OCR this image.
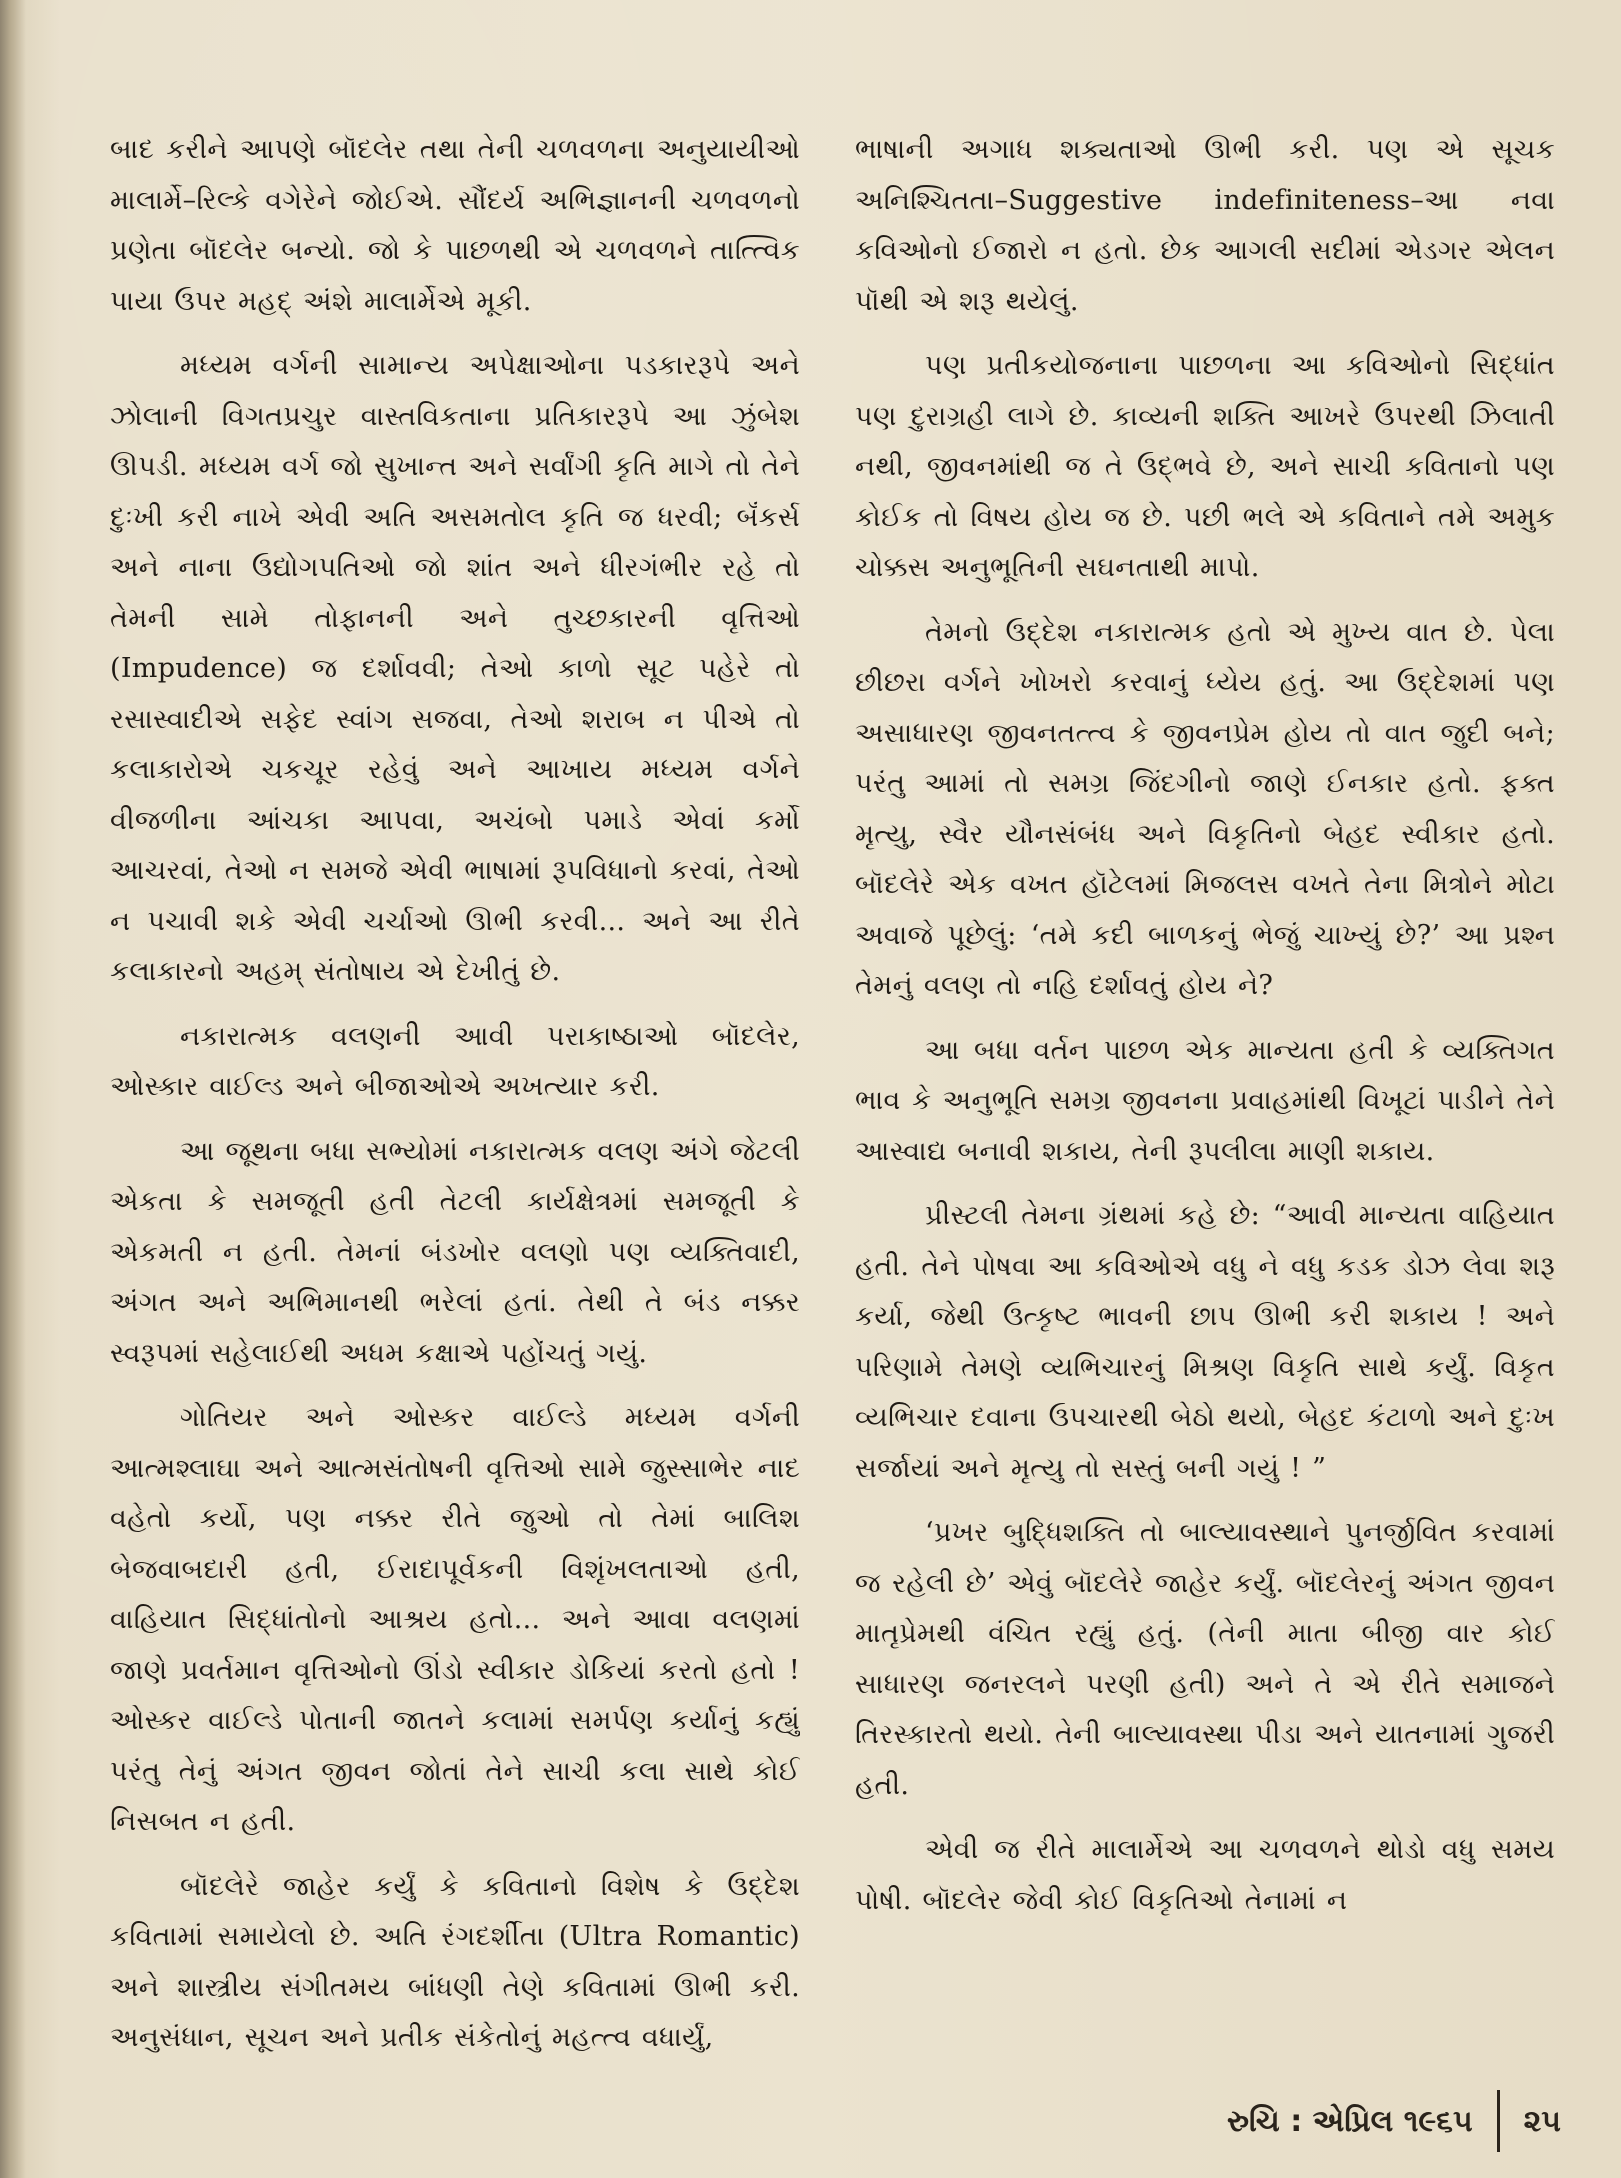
બાદ કરીને આપણે બૉદલેર તથા તેની ચળવળના અનુયાયીઓ માલાર્મે–રિલ્કે વગેરેને જોઈએ. સૌંદર્ય અભિજ્ઞાનની ચળવળનો પ્રણેતા બૉદલેર બન્યો. જો કે પાછળથી એ ચળવળને તાત્ત્વિક પાયા ઉપર મહદ્ અંશે માલાર્મેએ મૂકી.

મધ્યમ વર્ગની સામાન્ય અપેક્ષાઓના પડકારરૂપે અને ઝોલાની વિગતપ્રચુર વાસ્તવિકતાના પ્રતિકારરૂપે આ ઝુંબેશ ઊપડી. મધ્યમ વર્ગ જો સુખાન્ત અને સર્વાંગી કૃતિ માગે તો તેને દુઃખી કરી નાખે એવી અતિ અસમતોલ કૃતિ જ ધરવી; બૅંકર્સ અને નાના ઉદ્યોગપતિઓ જો શાંત અને ધીરગંભીર રહે તો તેમની સામે તોફાનની અને તુચ્છકારની વૃત્તિઓ (Impudence) જ દર્શાવવી; તેઓ કાળો સૂટ પહેરે તો રસાસ્વાદીએ સફેદ સ્વાંગ સજવા, તેઓ શરાબ ન પીએ તો કલાકારોએ ચકચૂર રહેવું અને આખાય મધ્યમ વર્ગને વીજળીના આંચકા આપવા, અચંબો પમાડે એવાં કર્મો આચરવાં, તેઓ ન સમજે એવી ભાષામાં રૂપવિધાનો કરવાં, તેઓ ન પચાવી શકે એવી ચર્ચાઓ ઊભી કરવી... અને આ રીતે કલાકારનો અહમ્ સંતોષાય એ દેખીતું છે.

નકારાત્મક વલણની આવી પરાકાષ્ઠાઓ બૉદલેર, ઓસ્કાર વાઈલ્ડ અને બીજાઓએ અખત્યાર કરી.

આ જૂથના બધા સભ્યોમાં નકારાત્મક વલણ અંગે જેટલી એકતા કે સમજૂતી હતી તેટલી કાર્યક્ષેત્રમાં સમજૂતી કે એકમતી ન હતી. તેમનાં બંડખોર વલણો પણ વ્યક્તિવાદી, અંગત અને અભિમાનથી ભરેલાં હતાં. તેથી તે બંડ નક્કર સ્વરૂપમાં સહેલાઈથી અધમ કક્ષાએ પહોંચતું ગયું.

ગોતિયર અને ઓસ્કર વાઈલ્ડે મધ્યમ વર્ગની આત્મશ્લાઘા અને આત્મસંતોષની વૃત્તિઓ સામે જુસ્સાભેર નાદ વહેતો કર્યો, પણ નક્કર રીતે જુઓ તો તેમાં બાલિશ બેજવાબદારી હતી, ઈરાદાપૂર્વકની વિશૃંખલતાઓ હતી, વાહિયાત સિદ્ધાંતોનો આશ્રય હતો... અને આવા વલણમાં જાણે પ્રવર્તમાન વૃત્તિઓનો ઊંડો સ્વીકાર ડોકિયાં કરતો હતો ! ઓસ્કર વાઈલ્ડે પોતાની જાતને કલામાં સમર્પણ કર્યાનું કહ્યું પરંતુ તેનું અંગત જીવન જોતાં તેને સાચી કલા સાથે કોઈ નિસબત ન હતી.

બૉદલેરે જાહેર કર્યું કે કવિતાનો વિશેષ કે ઉદ્દેશ કવિતામાં સમાયેલો છે. અતિ રંગદર્શીતા (Ultra Romantic) અને શાસ્ત્રીય સંગીતમય બાંધણી તેણે કવિતામાં ઊભી કરી. અનુસંધાન, સૂચન અને પ્રતીક સંકેતોનું મહત્ત્વ વધાર્યું,

ભાષાની અગાધ શક્યતાઓ ઊભી કરી. પણ એ સૂચક અનિશ્ચિતતા–Suggestive indefiniteness–આ નવા કવિઓનો ઈજારો ન હતો. છેક આગલી સદીમાં એડગર એલન પૉથી એ શરૂ થયેલું.

પણ પ્રતીકયોજનાના પાછળના આ કવિઓનો સિદ્ધાંત પણ દુરાગ્રહી લાગે છે. કાવ્યની શક્તિ આખરે ઉપરથી ઝિલાતી નથી, જીવનમાંથી જ તે ઉદ્ભવે છે, અને સાચી કવિતાનો પણ કોઈક તો વિષય હોય જ છે. પછી ભલે એ કવિતાને તમે અમુક ચોક્કસ અનુભૂતિની સઘનતાથી માપો.

તેમનો ઉદ્દેશ નકારાત્મક હતો એ મુખ્ય વાત છે. પેલા છીછરા વર્ગને ખોખરો કરવાનું ધ્યેય હતું. આ ઉદ્દેશમાં પણ અસાધારણ જીવનતત્ત્વ કે જીવનપ્રેમ હોય તો વાત જુદી બને; પરંતુ આમાં તો સમગ્ર જિંદગીનો જાણે ઈનકાર હતો. ફક્ત મૃત્યુ, સ્વૈર યૌનસંબંધ અને વિકૃતિનો બેહદ સ્વીકાર હતો. બૉદલેરે એક વખત હૉટેલમાં મિજલસ વખતે તેના મિત્રોને મોટા અવાજે પૂછેલું: ‘તમે કદી બાળકનું ભેજું ચાખ્યું છે?’ આ પ્રશ્ન તેમનું વલણ તો નહિ દર્શાવતું હોય ને?

આ બધા વર્તન પાછળ એક માન્યતા હતી કે વ્યક્તિગત ભાવ કે અનુભૂતિ સમગ્ર જીવનના પ્રવાહમાંથી વિખૂટાં પાડીને તેને આસ્વાદ્ય બનાવી શકાય, તેની રૂપલીલા માણી શકાય.

પ્રીસ્ટલી તેમના ગ્રંથમાં કહે છે: “આવી માન્યતા વાહિયાત હતી. તેને પોષવા આ કવિઓએ વધુ ને વધુ કડક ડોઝ લેવા શરૂ કર્યા, જેથી ઉત્કૃષ્ટ ભાવની છાપ ઊભી કરી શકાય ! અને પરિણામે તેમણે વ્યભિચારનું મિશ્રણ વિકૃતિ સાથે કર્યું. વિકૃત વ્યભિચાર દવાના ઉપચારથી બેઠો થયો, બેહદ કંટાળો અને દુઃખ સર્જાયાં અને મૃત્યુ તો સસ્તું બની ગયું ! ”

‘પ્રખર બુદ્ધિશક્તિ તો બાલ્યાવસ્થાને પુનર્જીવિત કરવામાં જ રહેલી છે’ એવું બૉદલેરે જાહેર કર્યું. બૉદલેરનું અંગત જીવન માતૃપ્રેમથી વંચિત રહ્યું હતું. (તેની માતા બીજી વાર કોઈ સાધારણ જનરલને પરણી હતી) અને તે એ રીતે સમાજને તિરસ્કારતો થયો. તેની બાલ્યાવસ્થા પીડા અને યાતનામાં ગુજરી હતી.

એવી જ રીતે માલાર્મેએ આ ચળવળને થોડો વધુ સમય પોષી. બૉદલેર જેવી કોઈ વિકૃતિઓ તેનામાં ન

રુચિ : એપ્રિલ ૧૯૬૫ ૨૫
